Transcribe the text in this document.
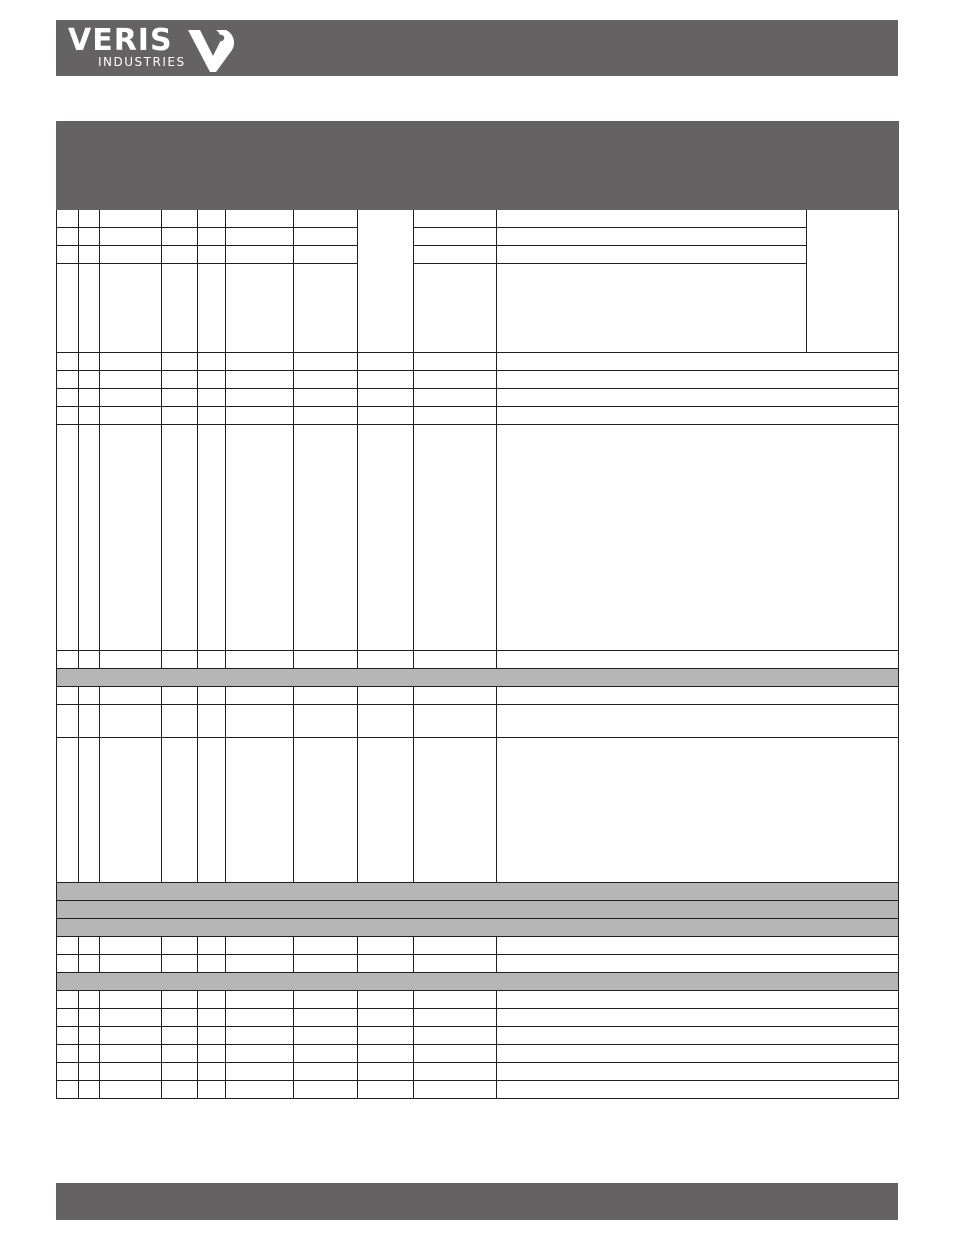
VERIS
INDUSTRIES
